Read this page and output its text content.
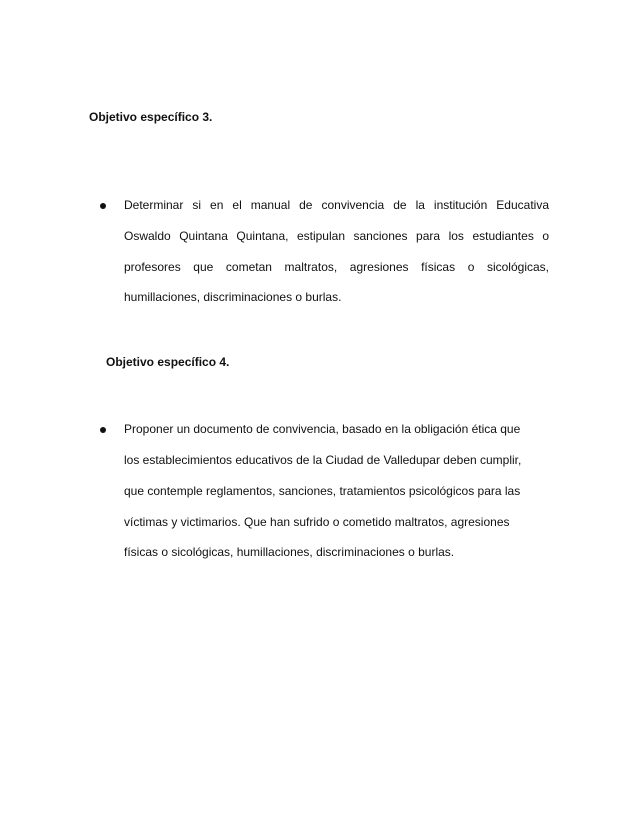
Objetivo específico 3.
Determinar si en el manual de convivencia de la institución Educativa
Oswaldo Quintana Quintana, estipulan sanciones para los estudiantes o
profesores que cometan maltratos, agresiones físicas o sicológicas,
humillaciones, discriminaciones o burlas.
Objetivo específico 4.
Proponer un documento de convivencia, basado en la obligación ética que
los establecimientos educativos de la Ciudad de Valledupar deben cumplir,
que contemple reglamentos, sanciones, tratamientos psicológicos para las
víctimas y victimarios. Que han sufrido o cometido maltratos, agresiones
físicas o sicológicas, humillaciones, discriminaciones o burlas.
